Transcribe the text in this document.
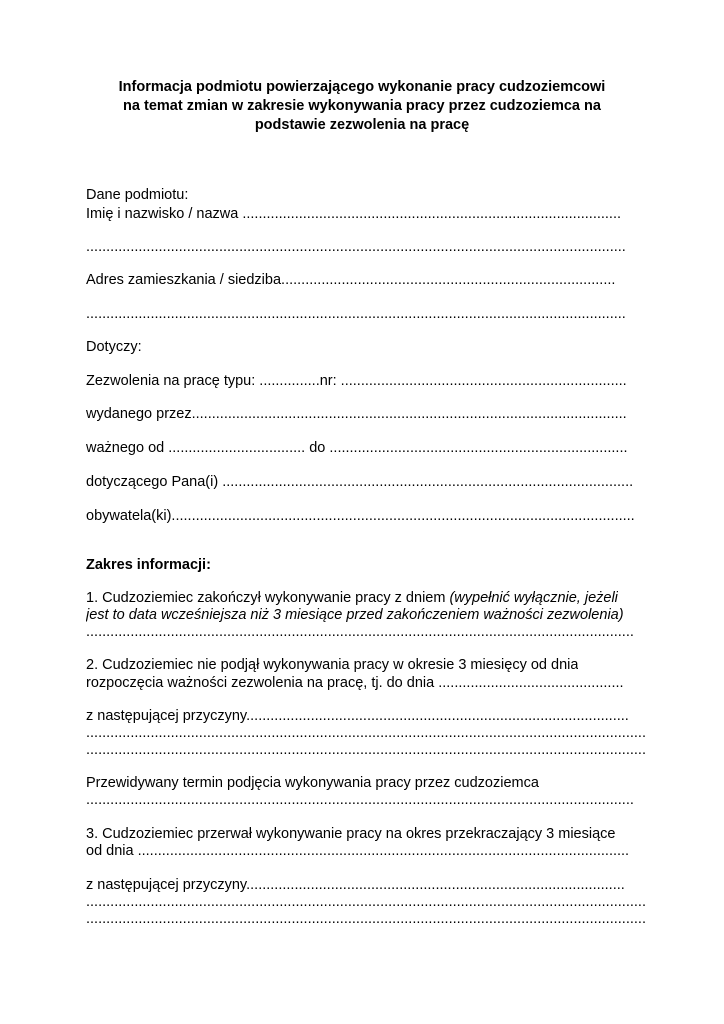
Informacja podmiotu powierzającego wykonanie pracy cudzoziemcowi
na temat zmian w zakresie wykonywania pracy przez cudzoziemca na
podstawie zezwolenia na pracę
Dane podmiotu:
Imię i nazwisko / nazwa ..............................................................................................
......................................................................................................................................
Adres zamieszkania / siedziba...................................................................................
......................................................................................................................................
Dotyczy:
Zezwolenia na pracę typu: ...............nr: .......................................................................
wydanego przez............................................................................................................
ważnego od .................................. do ..........................................................................
dotyczącego Pana(i) ......................................................................................................
obywatela(ki)...................................................................................................................
Zakres informacji:
1. Cudzoziemiec zakończył wykonywanie pracy z dniem (wypełnić wyłącznie, jeżeli
jest to data wcześniejsza niż 3 miesiące przed zakończeniem ważności zezwolenia)
........................................................................................................................................
2. Cudzoziemiec nie podjął wykonywania pracy w okresie 3 miesięcy od dnia
rozpoczęcia ważności zezwolenia na pracę, tj. do dnia ..............................................
z następującej przyczyny...............................................................................................
...........................................................................................................................................
...........................................................................................................................................
Przewidywany termin podjęcia wykonywania pracy przez cudzoziemca
........................................................................................................................................
3. Cudzoziemiec przerwał wykonywanie pracy na okres przekraczający 3 miesiące
od dnia ..........................................................................................................................
z następującej przyczyny..............................................................................................
...........................................................................................................................................
...........................................................................................................................................
